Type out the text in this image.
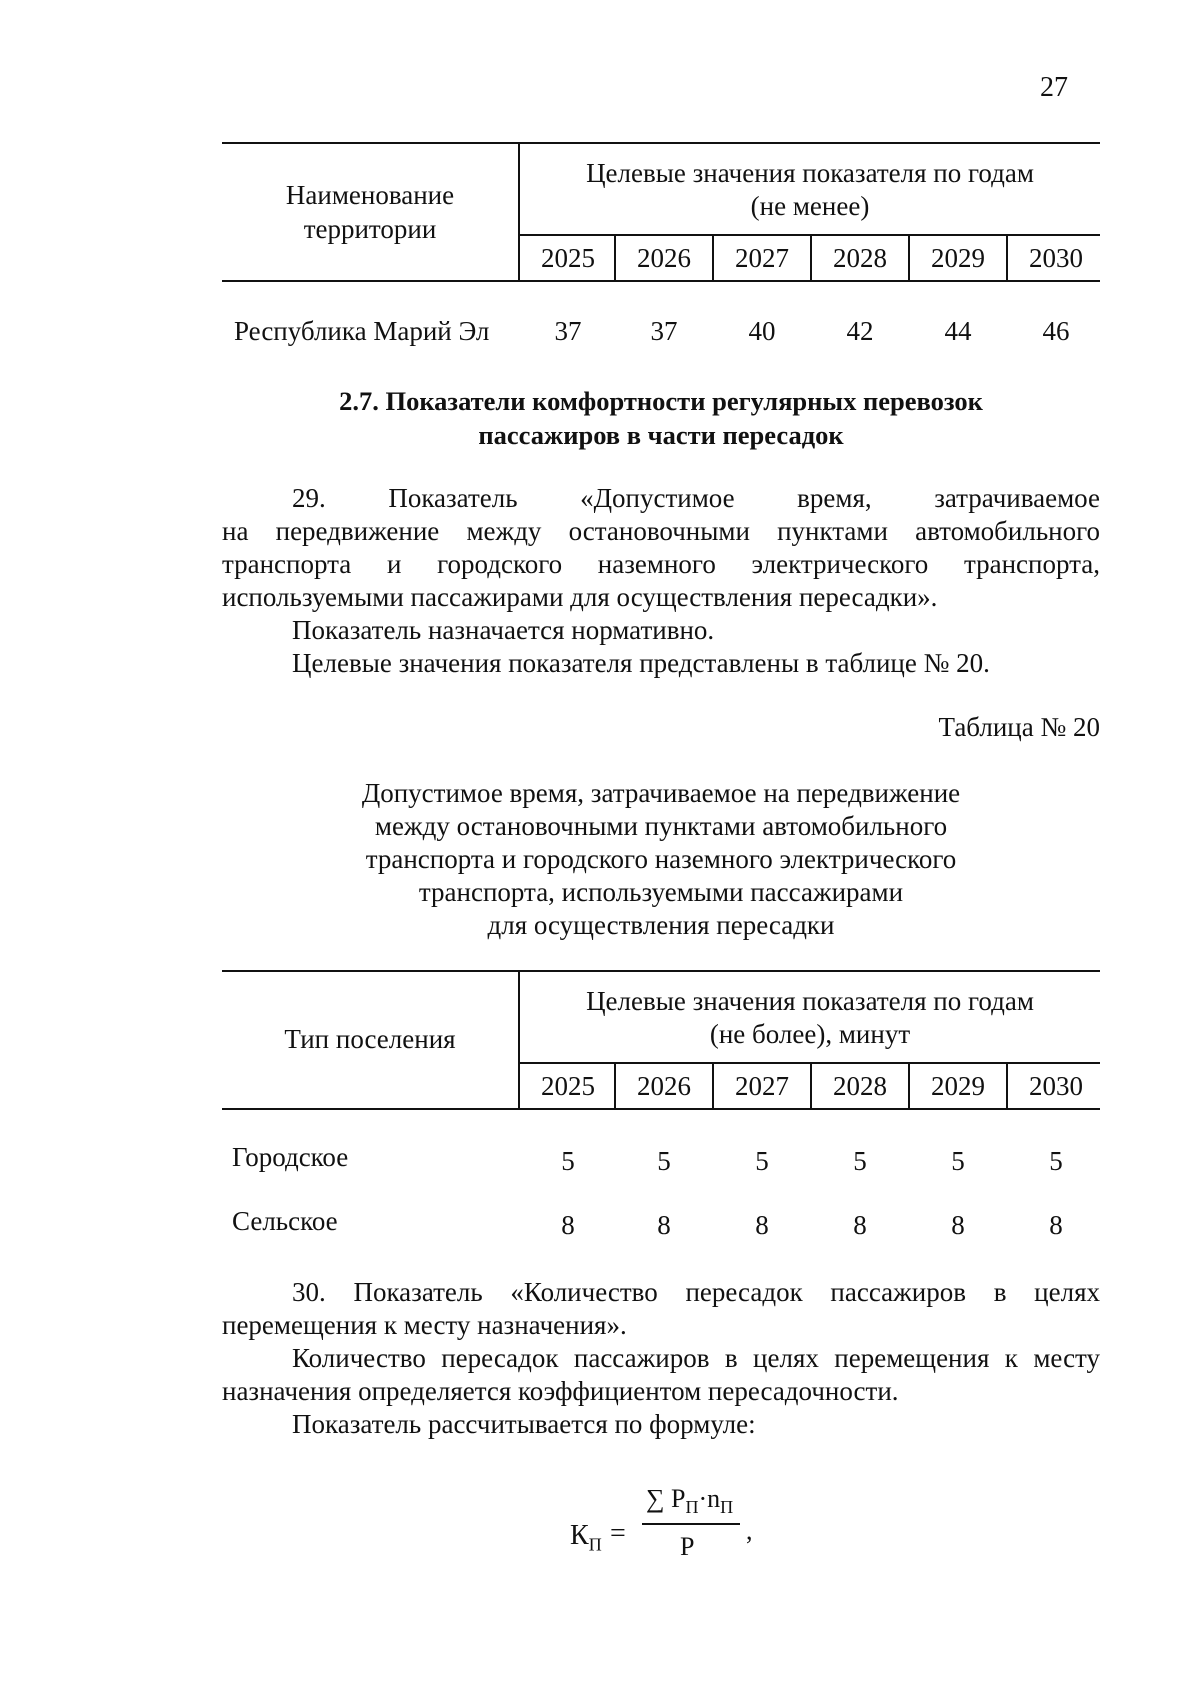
27
Наименование
территории
Целевые значения показателя по годам
(не менее)
2025	2026	2027	2028	2029	2030
Республика Марий Эл	37	37	40	42	44	46
2.7. Показатели комфортности регулярных перевозок
пассажиров в части пересадок
29. Показатель «Допустимое время, затрачиваемое
на передвижение между остановочными пунктами автомобильного
транспорта и городского наземного электрического транспорта,
используемыми пассажирами для осуществления пересадки».
Показатель назначается нормативно.
Целевые значения показателя представлены в таблице № 20.
Таблица № 20
Допустимое время, затрачиваемое на передвижение
между остановочными пунктами автомобильного
транспорта и городского наземного электрического
транспорта, используемыми пассажирами
для осуществления пересадки
Тип поселения
Целевые значения показателя по годам
(не более), минут
2025	2026	2027	2028	2029	2030
Городское	5	5	5	5	5	5
Сельское	8	8	8	8	8	8
30. Показатель «Количество пересадок пассажиров в целях
перемещения к месту назначения».
Количество пересадок пассажиров в целях перемещения к месту
назначения определяется коэффициентом пересадочности.
Показатель рассчитывается по формуле:
$К_П$ =
∑ $Р_П\cdot n_П$
Р
,
